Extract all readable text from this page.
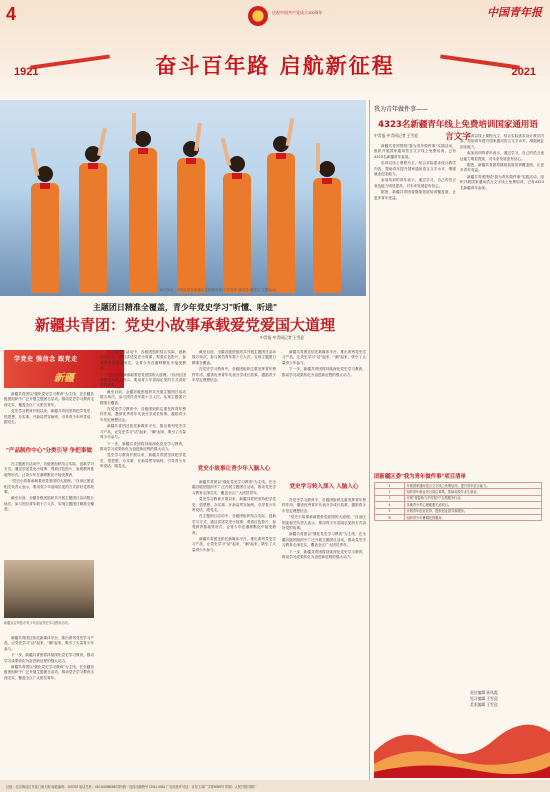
4	庆祝中国共产党成立100周年	中国青年报
1921	2021
奋斗百年路 启航新征程
6月23日，少先队员在新疆克拉玛依市举行"学党史·颂党恩·跟党走"主题活动。
主题团日精准全覆盖，青少年党史学习"听懂、听进"
新疆共青团：党史小故事承载爱党爱国大道理
中青报·中青网记者 王雪迎
学党史 强信念 跟党走
新疆

新疆共青团以"强化党史学习教育"为主线，在全疆各级团组织中广泛开展主题团日活动，推动党史学习教育走深走实，覆盖全区广大团员青年。

党史学习教育开展以来，新疆共青团坚持把学党史、悟思想、办实事、开新局贯穿始终，引导青少年听党话、跟党走。

"产品制作中心"分类引导 争把事做

在主题团日活动中，各级团组织结合实际，创新学习方式，通过讲述党史小故事、观看红色影片、参观教育基地等形式，让青少年在潜移默化中接受教育。

"党史小故事承载着爱党爱国的大道理。"自治区团委相关负责人表示，要用青少年喜闻乐见的方式讲好党的故事。

截至目前，全疆各级团组织共开展主题团日活动数万场次，参与团员青年数十万人次，实现主题团日精准全覆盖。

新疆克拉玛依市青少年参加党史学习教育活动。

新疆共青团还依托新媒体平台，推出系列党史学习产品，让党史学习"活"起来、"潮"起来，吸引了大量青少年参与。

下一步，新疆共青团将持续深化党史学习教育，推动学习成果转化为奋进新征程的强大动力。

新疆共青团以"强化党史学习教育"为主线，在全疆各级团组织中广泛开展主题团日活动，推动党史学习教育走深走实，覆盖全区广大团员青年。

在主题团日活动中，各级团组织结合实际，创新学习方式，通过讲述党史小故事、观看红色影片、参观教育基地等形式，让青少年在潜移默化中接受教育。

"党史小故事承载着爱党爱国的大道理。"自治区团委相关负责人表示，要用青少年喜闻乐见的方式讲好党的故事。

截至目前，全疆各级团组织共开展主题团日活动数万场次，参与团员青年数十万人次，实现主题团日精准全覆盖。

在党史学习教育中，各级团组织注重发挥青年榜样作用，邀请优秀青年代表分享成长故事，激励青少年坚定理想信念。

新疆共青团还依托新媒体平台，推出系列党史学习产品，让党史学习"活"起来、"潮"起来，吸引了大量青少年参与。

下一步，新疆共青团将持续深化党史学习教育，推动学习成果转化为奋进新征程的强大动力。

党史学习教育开展以来，新疆共青团坚持把学党史、悟思想、办实事、开新局贯穿始终，引导青少年听党话、跟党走。

截至目前，全疆各级团组织共开展主题团日活动数万场次，参与团员青年数十万人次，实现主题团日精准全覆盖。

在党史学习教育中，各级团组织注重发挥青年榜样作用，邀请优秀青年代表分享成长故事，激励青少年坚定理想信念。

党史小故事让青少年入脑入心

新疆共青团以"强化党史学习教育"为主线，在全疆各级团组织中广泛开展主题团日活动，推动党史学习教育走深走实，覆盖全区广大团员青年。

党史学习教育开展以来，新疆共青团坚持把学党史、悟思想、办实事、开新局贯穿始终，引导青少年听党话、跟党走。

在主题团日活动中，各级团组织结合实际，创新学习方式，通过讲述党史小故事、观看红色影片、参观教育基地等形式，让青少年在潜移默化中接受教育。

新疆共青团还依托新媒体平台，推出系列党史学习产品，让党史学习"活"起来、"潮"起来，吸引了大量青少年参与。

新疆共青团还依托新媒体平台，推出系列党史学习产品，让党史学习"活"起来、"潮"起来，吸引了大量青少年参与。

下一步，新疆共青团将持续深化党史学习教育，推动学习成果转化为奋进新征程的强大动力。

党史学习转入深入 入脑入心

在党史学习教育中，各级团组织注重发挥青年榜样作用，邀请优秀青年代表分享成长故事，激励青少年坚定理想信念。

"党史小故事承载着爱党爱国的大道理。"自治区团委相关负责人表示，要用青少年喜闻乐见的方式讲好党的故事。

新疆共青团以"强化党史学习教育"为主线，在全疆各级团组织中广泛开展主题团日活动，推动党史学习教育走深走实，覆盖全区广大团员青年。

下一步，新疆共青团将持续深化党史学习教育，推动学习成果转化为奋进新征程的强大动力。

我为青年做件事——
4323名新疆青年线上免费培训国家通用语言文字
中青报·中青网记者 王雪迎

新疆共青团围绕"我为青年做件事"实践活动，组织开展国家通用语言文字线上免费培训，已有4323名新疆青年参加。

培训以线上课程为主，结合实际需求设计教学内容，帮助青年提升国家通用语言文字水平，增强就业创业能力。

参加培训的青年表示，通过学习，自己的语言表达能力明显提高，对未来发展更有信心。

据悉，新疆共青团将继续拓展培训覆盖面，让更多青年受益。

培训以线上课程为主，结合实际需求设计教学内容，帮助青年提升国家通用语言文字水平，增强就业创业能力。

参加培训的青年表示，通过学习，自己的语言表达能力明显提高，对未来发展更有信心。

据悉，新疆共青团将继续拓展培训覆盖面，让更多青年受益。

新疆共青团围绕"我为青年做件事"实践活动，组织开展国家通用语言文字线上免费培训，已有4323名新疆青年参加。

团新疆区委"我为青年做件事"项目清单
1	开展国家通用语言文字线上免费培训，提升青年语言能力。
2	组织青年就业见习岗位募集，帮助高校毕业生就业。
3	开展"青春助力乡村振兴"志愿服务行动。
4	实施青少年心理健康关爱项目。
5	开展青年创业扶持，提供创业指导和服务。
6	组织青少年暑期托管服务。
责任编辑 孙凤霞
见习编辑 王雪迎
美术编辑 王雪迎
社址：北京海淀区东直门南大街 邮政编码：100702 电话总机：010-64098088 国内统一连续出版物号 CN11-0061 广告经营许可证：京东工商广字第0099号 印刷：人民日报印刷厂
